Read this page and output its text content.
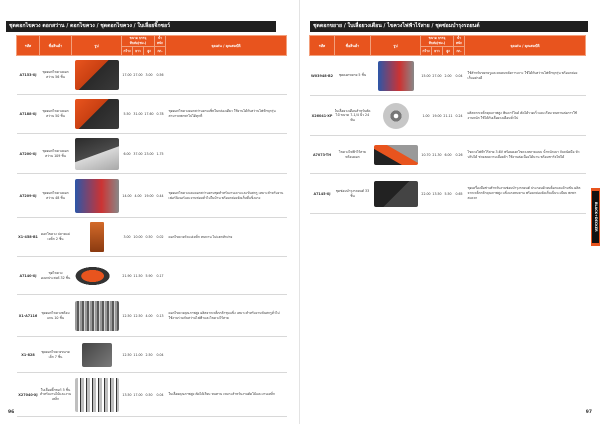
ชุดดอกไขควง ดอกสว่าน / ดอกไขควง / ชุดดอกไขควง / ใบเลื่อยจิ๊กซอว์
รหัส	ชื่อสินค้า	รูป	ขนาด บรรจุหีบห่อ(ซม.)			น้ำหนัก	จุดเด่น / คุณสมบัติ
			กว้าง	ยาว	สูง	กก.	
A7153-XJ	ชุดดอกไขควงดอกสว่าน 56 ชิ้น		17.00	27.00	3.00	0.56	
A7188-XJ	ชุดดอกไขควงดอกสว่าน 50 ชิ้น		5.50	31.00	17.60	0.78	ชุดดอกไขควงดอกสว่านครบเซ็ทในกล่องเดียว ใช้งานได้กับสว่านไฟฟ้าทุกรุ่นสามารถพกพาไปได้ทุกที่
A7200-XJ	ชุดดอกไขควงดอกสว่าน 109 ชิ้น		6.00	37.00	23.00	1.75	
A7209-XJ	ชุดดอกไขควงดอกสว่าน 48 ชิ้น		14.00	4.00	19.00	0.44	ชุดดอกไขควงและดอกสว่านครบชุดสำหรับงานเจาะและขันสกรู เหมาะสำหรับงานเฟอร์นิเจอร์และงานซ่อมทั่วไปในบ้าน พร้อมกล่องจัดเก็บที่แข็งแรง
X1-458-B1	ดอกไขควง ปลายแม่เหล็ก 2 ชิ้น		3.00	10.00	0.50	0.02	ดอกไขควงหัวแม่เหล็ก ทนทาน ไม่แตกหักง่าย
A7140-XJ	ชุดไขควงอเนกประสงค์ 32 ชิ้น		21.90	11.50	5.90	0.17	
X1-A7116	ชุดดอกไขควงพร้อมแกน 10 ชิ้น		12.50	12.50	4.00	0.13	ดอกไขควงคุณภาพสูง ผลิตจากเหล็กกล้าชุบแข็ง เหมาะสำหรับงานขันสกรูทั่วไป ใช้งานร่วมกับสว่านไฟฟ้าและไขควงไร้สาย
X1-828	ชุดดอกไขควงขนาดเล็ก 7 ชิ้น		12.50	11.00	2.50	0.04	
X27040-XJ	ใบเลื่อยจิ๊กซอว์ 5 ชิ้น สำหรับงานไม้และงานเหล็ก		13.50	17.00	0.50	0.04	ใบเลื่อยคุณภาพสูง ตัดได้เรียบ ทนทาน เหมาะสำหรับงานตัดไม้และงานเหล็ก
96
ชุดดอกขยาย / ใบเลื่อยวงเดือน / ไขควงไฟฟ้าไร้สาย / ชุดซ่อมบำรุงรถยนต์
รหัส	ชื่อสินค้า	รูป	ขนาด บรรจุหีบห่อ(ซม.)			น้ำหนัก	จุดเด่น / คุณสมบัติ
			กว้าง	ยาว	สูง	กก.	
W03948-B2	ชุดดอกขยาย 5 ชิ้น		15.00	27.00	2.00	0.04	ใช้สำหรับขยายรูและลบคมหลังการเจาะ ใช้ได้กับสว่านไฟฟ้าทุกรุ่น พร้อมกล่องเก็บอย่างดี
X26041-XP	ใบเลื่อยวงเดือนสำหรับตัดไม้ ขนาด 7-1/4 นิ้ว 24 ฟัน		1.00	19.00	21.11	0.24	ผลิตจากเหล็กคุณภาพสูง ฟันคาร์ไบด์ ตัดได้รวดเร็วและเรียบ ทนทานต่อการใช้งานหนัก ใช้ได้กับเลื่อยวงเดือนทั่วไป
A7073-TH	ไขควงไฟฟ้าไร้สาย พร้อมดอก		10.70	21.30	6.00	0.26	ไขควงไฟฟ้าไร้สาย 3.6V พร้อมดอกไขควงหลายแบบ น้ำหนักเบา จับถนัดมือ หัวปรับได้ ช่วยลดความเมื่อยล้า ใช้งานต่อเนื่องได้นาน พร้อมชาร์จไฟได้
A7145-XJ	ชุดซ่อมบำรุงรถยนต์ 33 ชิ้น		22.00	13.50	5.50	0.65	ชุดเครื่องมือช่างสำหรับงานซ่อมบำรุงรถยนต์ ประกอบด้วยบล็อกและด้ามขัน ผลิตจากเหล็กกล้าคุณภาพสูง แข็งแรงทนทาน พร้อมกล่องจัดเก็บเป็นระเบียบ พกพาสะดวก
BLACK+DECKER
97
